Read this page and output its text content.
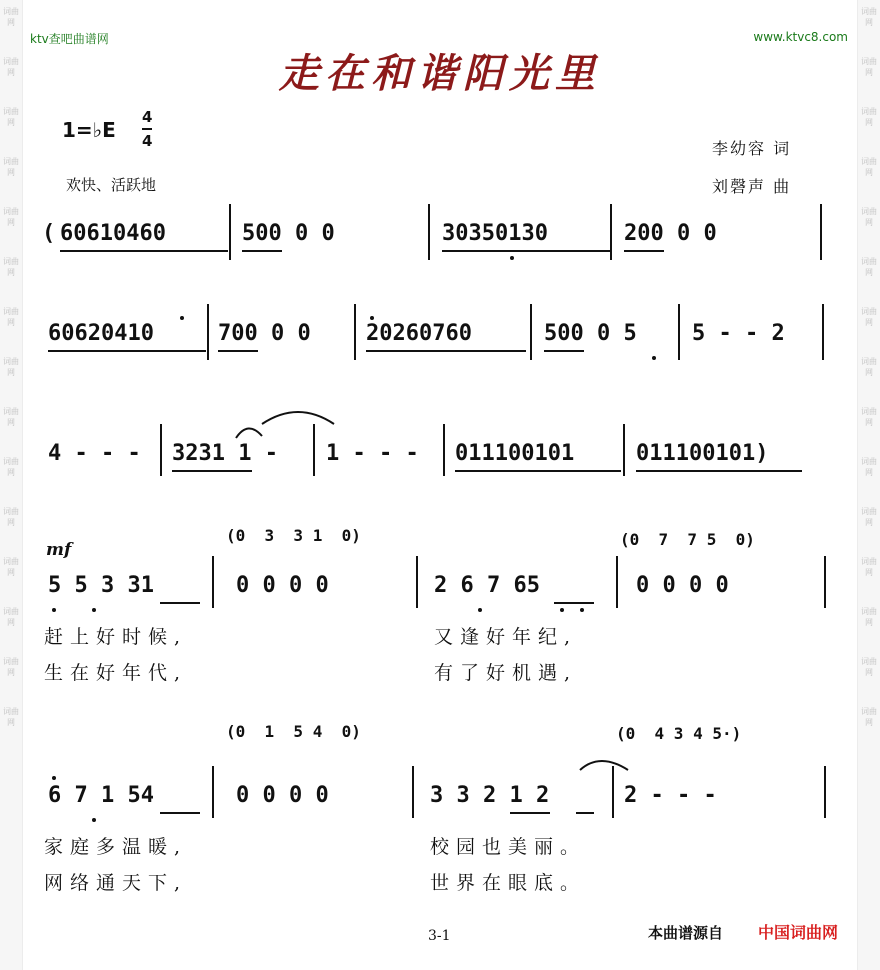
词曲网
词曲网
词曲网
词曲网
词曲网
词曲网
词曲网
词曲网
词曲网
词曲网
词曲网
词曲网
词曲网
词曲网
词曲网
词曲网
词曲网
词曲网
词曲网
词曲网
词曲网
词曲网
词曲网
词曲网
词曲网
词曲网
词曲网
词曲网
词曲网
词曲网
ktv查吧曲谱网	www.ktvc8.com
走在和谐阳光里
1=♭E
4
4
欢快、活跃地
李幼容 词
刘磬声 曲
( 60610460	500 0 0	30350130	200 0 0
60620410	700 0 0	20260760	500 0 5	5 - - 2
4 - - - 3231 1 - 1 - - - 011100101	011100101)
(0  3  3 1  0)	(0  7  7 5  0)
mf
5 5 3 31	0 0 0 0	2 6 7 65	0 0 0 0
赶上好时候,	又逢好年纪,
生在好年代,	有了好机遇,
(0  1  5 4  0)	(0  4 3 4 5·)
6 7 1 54	0 0 0 0	3 3 2 1 2	2 - - -
家庭多温暖,	校园也美丽。
网络通天下,	世界在眼底。
3-1	本曲谱源自 中国词曲网
